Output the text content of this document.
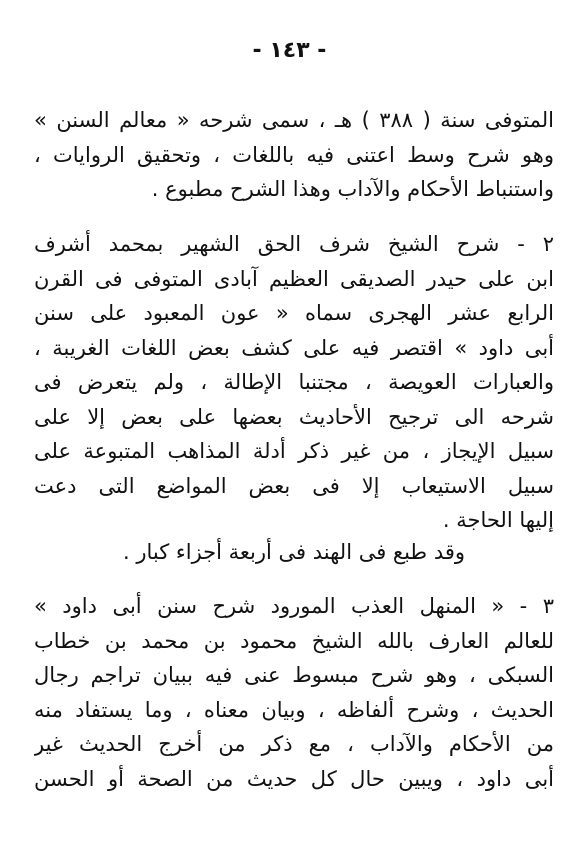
- ١٤٣ -
المتوفى سنة ( ٣٨٨ ) هـ ، سمى شرحه « معالم السنن »
وهو شرح وسط اعتنى فيه باللغات ، وتحقيق الروايات ،
واستنباط الأحكام والآداب وهذا الشرح مطبوع .
٢ - شرح الشيخ شرف الحق الشهير بمحمد أشرف
ابن على حيدر الصديقى العظيم آبادى المتوفى فى القرن
الرابع عشر الهجرى سماه « عون المعبود على سنن
أبى داود » اقتصر فيه على كشف بعض اللغات الغريبة ،
والعبارات العويصة ، مجتنبا الإطالة ، ولم يتعرض فى
شرحه الى ترجيح الأحاديث بعضها على بعض إلا على
سبيل الإيجاز ، من غير ذكر أدلة المذاهب المتبوعة على
سبيل الاستيعاب إلا فى بعض المواضع التى دعت
إليها الحاجة .
وقد طبع فى الهند فى أربعة أجزاء كبار .
٣ - « المنهل العذب المورود شرح سنن أبى داود »
للعالم العارف بالله الشيخ محمود بن محمد بن خطاب
السبكى ، وهو شرح مبسوط عنى فيه ببيان تراجم رجال
الحديث ، وشرح ألفاظه ، وبيان معناه ، وما يستفاد منه
من الأحكام والآداب ، مع ذكر من أخرج الحديث غير
أبى داود ، ويبين حال كل حديث من الصحة أو الحسن
